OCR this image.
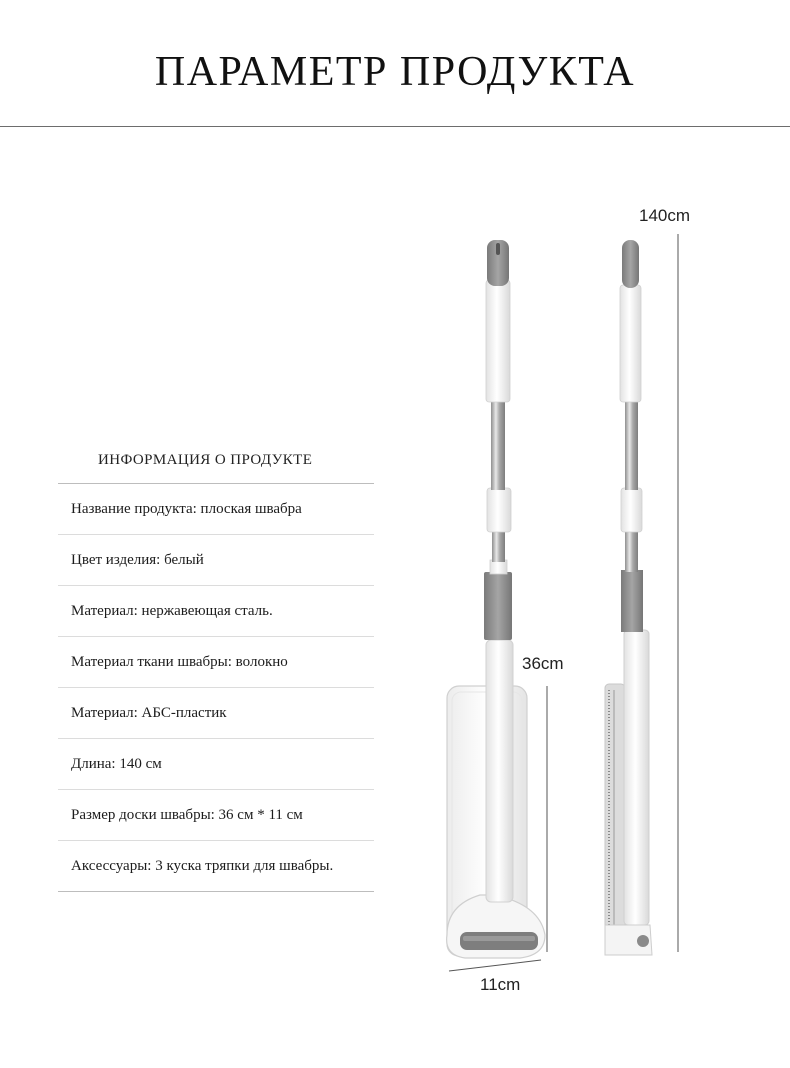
ПАРАМЕТР ПРОДУКТА
ИНФОРМАЦИЯ О ПРОДУКТЕ
Название продукта: плоская швабра
Цвет изделия: белый
Материал: нержавеющая сталь.
Материал ткани швабры: волокно
Материал: АБС-пластик
Длина: 140 см
Размер доски швабры: 36 см * 11 см
Аксессуары: 3 куска тряпки для швабры.
140cm
36cm
11cm
